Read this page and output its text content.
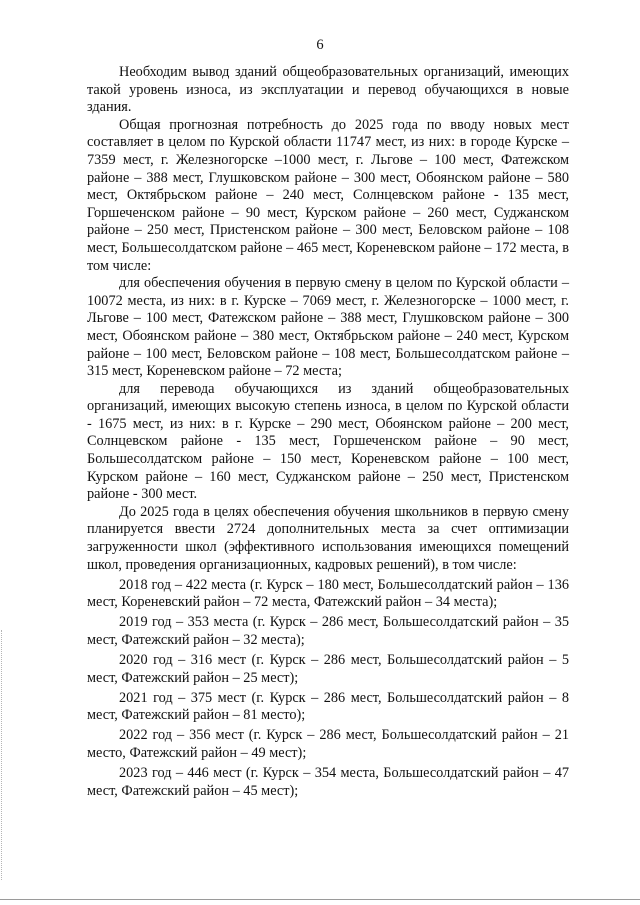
6

Необходим вывод зданий общеобразовательных организаций, имеющих такой уровень износа, из эксплуатации и перевод обучающихся в новые здания.

Общая прогнозная потребность до 2025 года по вводу новых мест составляет в целом по Курской области 11747 мест, из них: в городе Курске – 7359 мест, г. Железногорске –1000 мест, г. Льгове – 100 мест, Фатежском районе – 388 мест, Глушковском районе – 300 мест, Обоянском районе – 580 мест, Октябрьском районе – 240 мест, Солнцевском районе - 135 мест, Горшеченском районе – 90 мест, Курском районе – 260 мест, Суджанском районе – 250 мест, Пристенском районе – 300 мест, Беловском районе – 108 мест, Большесолдатском районе – 465 мест, Кореневском районе – 172 места, в том числе:

для обеспечения обучения в первую смену в целом по Курской области – 10072 места, из них: в г. Курске – 7069 мест, г. Железногорске – 1000 мест, г. Льгове – 100 мест, Фатежском районе – 388 мест, Глушковском районе – 300 мест, Обоянском районе – 380 мест, Октябрьском районе – 240 мест, Курском районе – 100 мест, Беловском районе – 108 мест, Большесолдатском районе – 315 мест, Кореневском районе – 72 места;

для перевода обучающихся из зданий общеобразовательных организаций, имеющих высокую степень износа, в целом по Курской области - 1675 мест, из них: в г. Курске – 290 мест, Обоянском районе – 200 мест, Солнцевском районе - 135 мест, Горшеченском районе – 90 мест, Большесолдатском районе – 150 мест, Кореневском районе – 100 мест, Курском районе – 160 мест, Суджанском районе – 250 мест, Пристенском районе - 300 мест.

До 2025 года в целях обеспечения обучения школьников в первую смену планируется ввести 2724 дополнительных места за счет оптимизации загруженности школ (эффективного использования имеющихся помещений школ, проведения организационных, кадровых решений), в том числе:

2018 год – 422 места (г. Курск – 180 мест, Большесолдатский район – 136 мест, Кореневский район – 72 места, Фатежский район – 34 места);

2019 год – 353 места (г. Курск – 286 мест, Большесолдатский район – 35 мест, Фатежский район – 32 места);

2020 год – 316 мест (г. Курск – 286 мест, Большесолдатский район – 5 мест, Фатежский район – 25 мест);

2021 год – 375 мест (г. Курск – 286 мест, Большесолдатский район – 8 мест, Фатежский район – 81 место);

2022 год – 356 мест (г. Курск – 286 мест, Большесолдатский район – 21 место, Фатежский район – 49 мест);

2023 год – 446 мест (г. Курск – 354 места, Большесолдатский район – 47 мест, Фатежский район – 45 мест);
